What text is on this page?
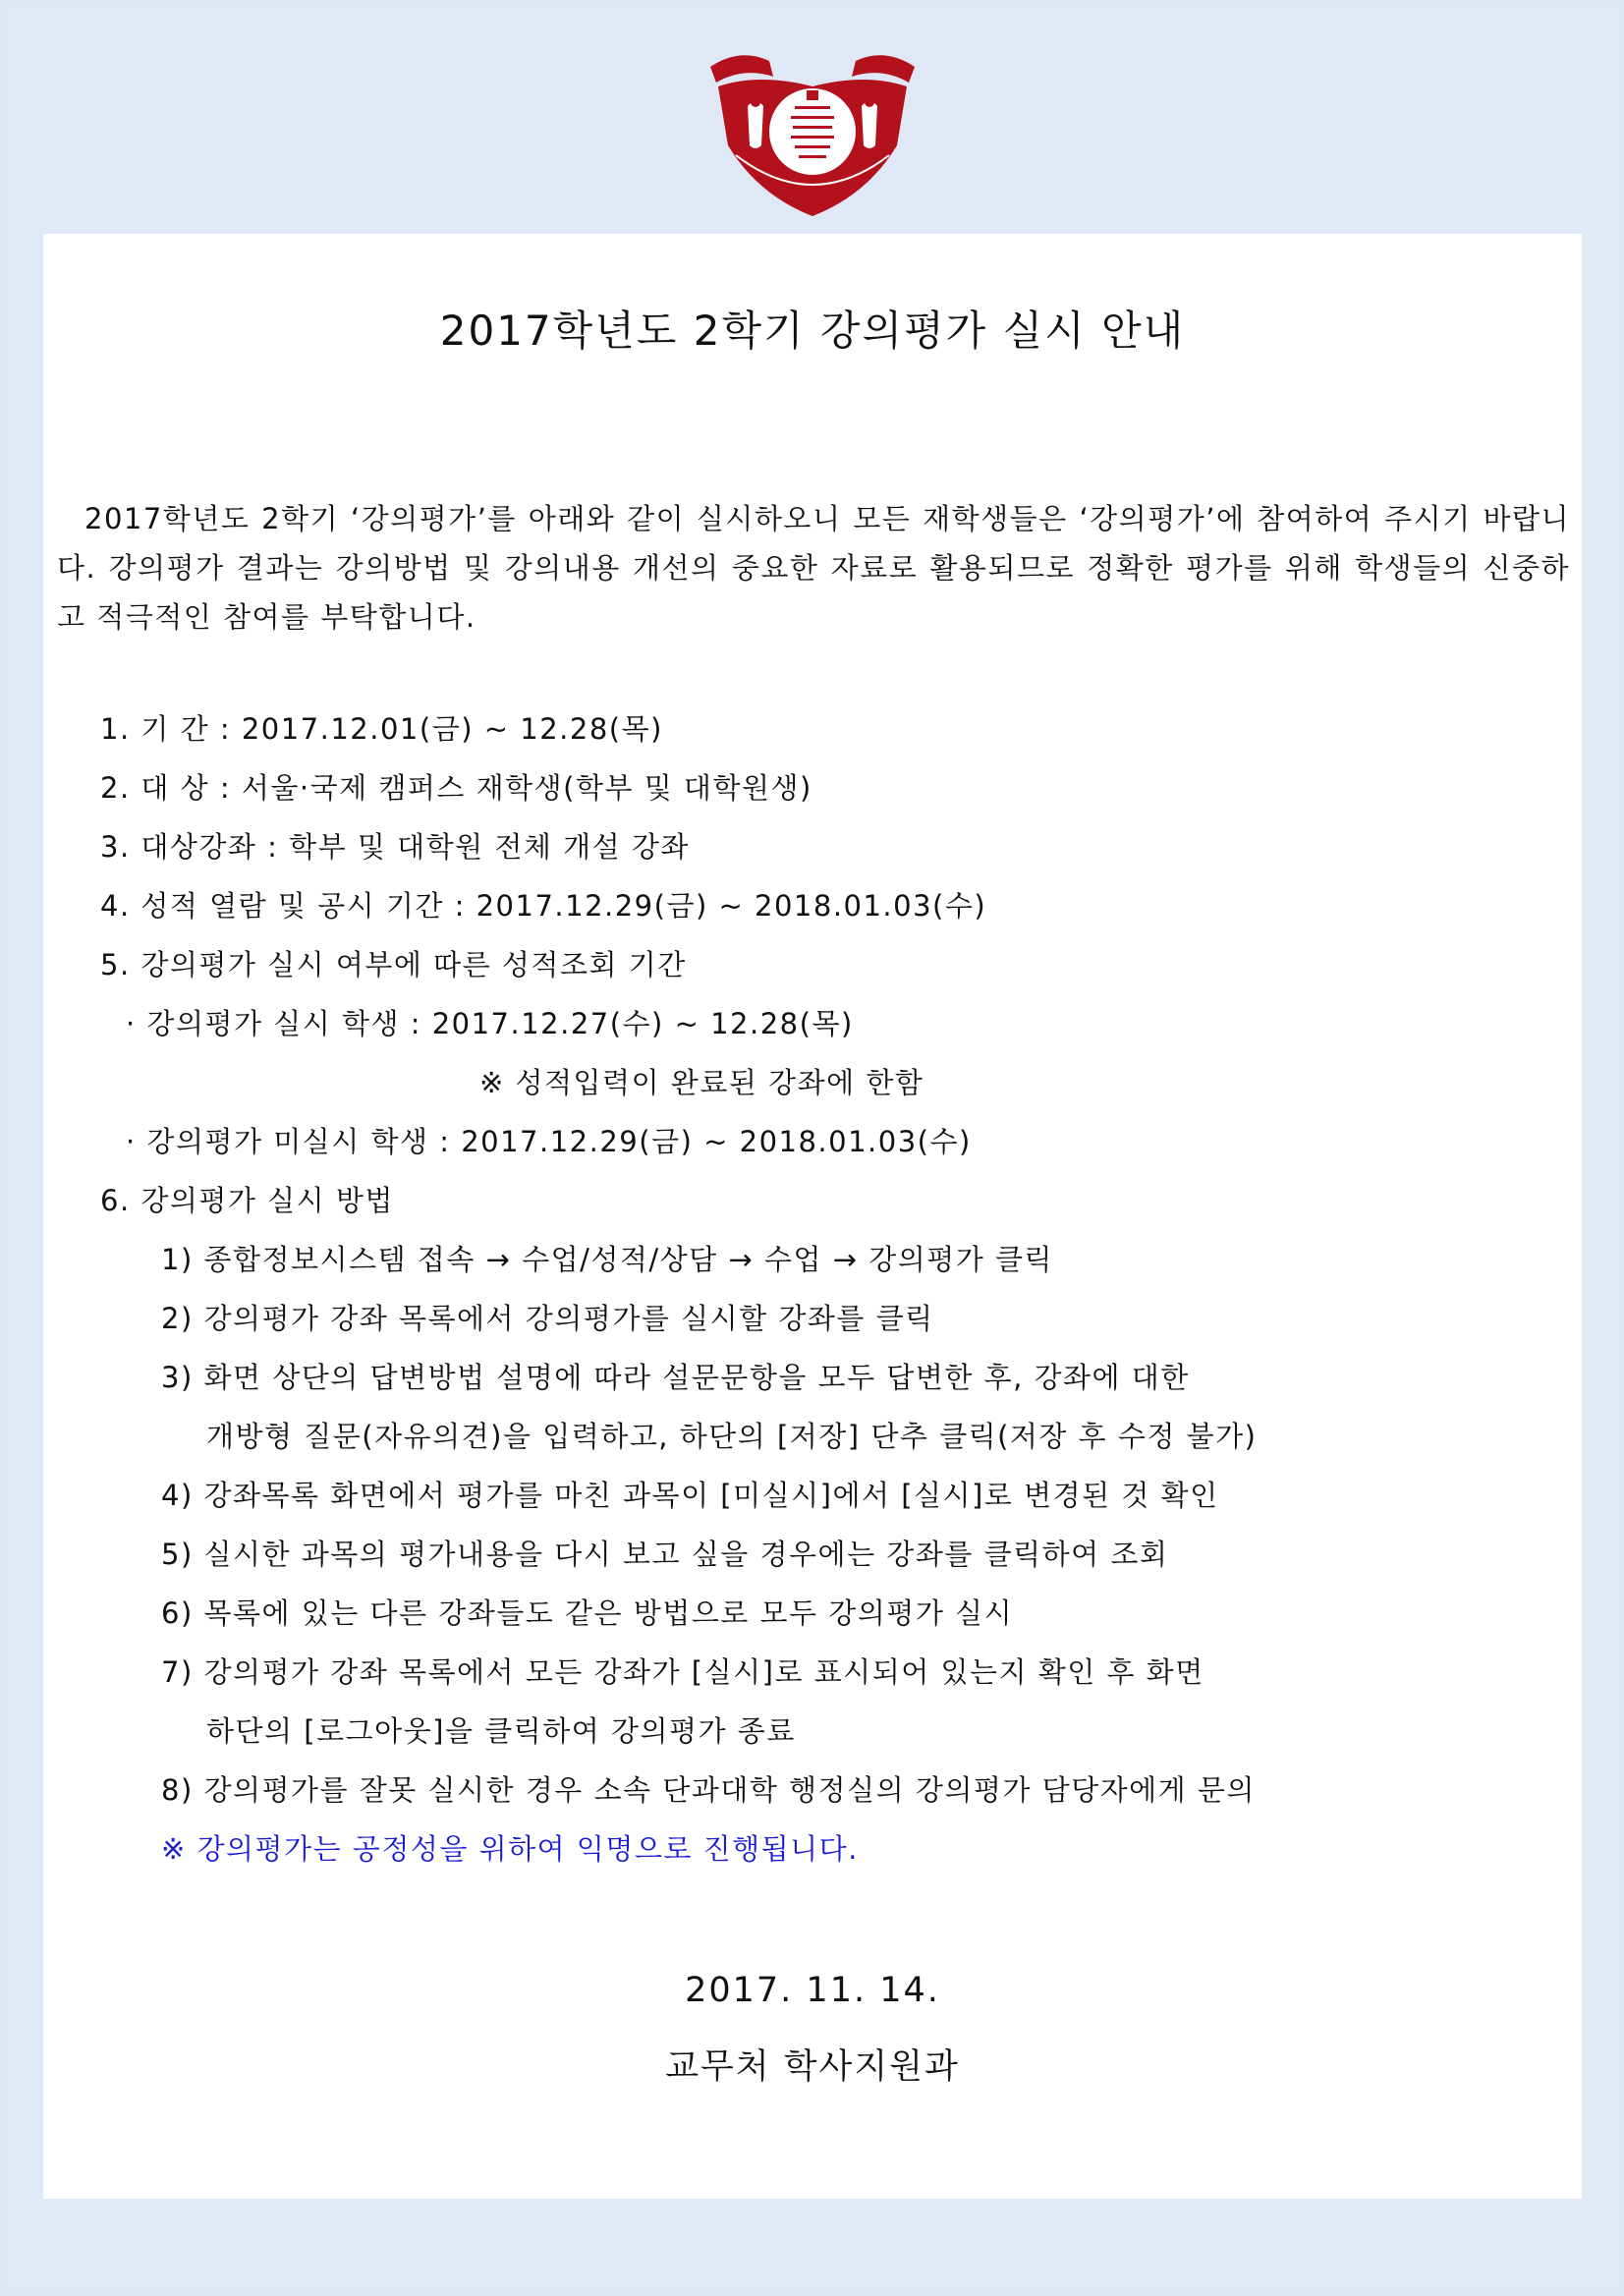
2017학년도 2학기 강의평가 실시 안내

2017학년도 2학기 ‘강의평가’를 아래와 같이 실시하오니 모든 재학생들은 ‘강의평가’에 참여하여 주시기 바랍니다. 강의평가 결과는 강의방법 및 강의내용 개선의 중요한 자료로 활용되므로 정확한 평가를 위해 학생들의 신중하고 적극적인 참여를 부탁합니다.

1. 기 간 : 2017.12.01(금) ~ 12.28(목)
2. 대 상 : 서울·국제 캠퍼스 재학생(학부 및 대학원생)
3. 대상강좌 : 학부 및 대학원 전체 개설 강좌
4. 성적 열람 및 공시 기간 : 2017.12.29(금) ~ 2018.01.03(수)
5. 강의평가 실시 여부에 따른 성적조회 기간
· 강의평가 실시 학생 : 2017.12.27(수) ~ 12.28(목)
※ 성적입력이 완료된 강좌에 한함
· 강의평가 미실시 학생 : 2017.12.29(금) ~ 2018.01.03(수)
6. 강의평가 실시 방법
1) 종합정보시스템 접속 → 수업/성적/상담 → 수업 → 강의평가 클릭
2) 강의평가 강좌 목록에서 강의평가를 실시할 강좌를 클릭
3) 화면 상단의 답변방법 설명에 따라 설문문항을 모두 답변한 후, 강좌에 대한
개방형 질문(자유의견)을 입력하고, 하단의 [저장] 단추 클릭(저장 후 수정 불가)
4) 강좌목록 화면에서 평가를 마친 과목이 [미실시]에서 [실시]로 변경된 것 확인
5) 실시한 과목의 평가내용을 다시 보고 싶을 경우에는 강좌를 클릭하여 조회
6) 목록에 있는 다른 강좌들도 같은 방법으로 모두 강의평가 실시
7) 강의평가 강좌 목록에서 모든 강좌가 [실시]로 표시되어 있는지 확인 후 화면
하단의 [로그아웃]을 클릭하여 강의평가 종료
8) 강의평가를 잘못 실시한 경우 소속 단과대학 행정실의 강의평가 담당자에게 문의
※ 강의평가는 공정성을 위하여 익명으로 진행됩니다.
2017. 11. 14.
교무처 학사지원과
